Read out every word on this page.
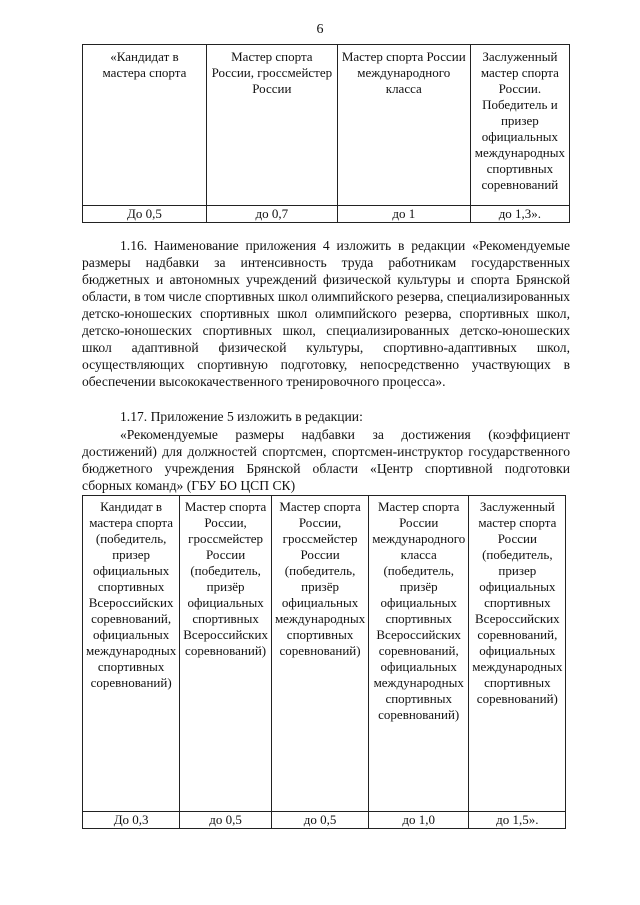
6
«Кандидат в мастера спорта	Мастер спорта России, гроссмейстер России	Мастер спорта России международного класса	Заслуженный мастер спорта России. Победитель и призер официальных международных спортивных соревнований
До 0,5	до 0,7	до 1	до 1,3».
1.16. Наименование приложения 4 изложить в редакции «Рекомендуемые размеры надбавки за интенсивность труда работникам государственных бюджетных и автономных учреждений физической культуры и спорта Брянской области, в том числе спортивных школ олимпийского резерва, специализированных детско-юношеских спортивных школ олимпийского резерва, спортивных школ, детско-юношеских спортивных школ, специализированных детско-юношеских школ адаптивной физической культуры, спортивно-адаптивных школ, осуществляющих спортивную подготовку, непосредственно участвующих в обеспечении высококачественного тренировочного процесса».
1.17. Приложение 5 изложить в редакции:
«Рекомендуемые размеры надбавки за достижения (коэффициент достижений) для должностей спортсмен, спортсмен-инструктор государственного бюджетного учреждения Брянской области «Центр спортивной подготовки сборных команд» (ГБУ БО ЦСП СК)
Кандидат в мастера спорта (победитель, призер официальных спортивных Всероссийских соревнований, официальных международных спортивных соревнований)	Мастер спорта России, гроссмейстер России (победитель, призёр официальных спортивных Всероссийских соревнований)	Мастер спорта России, гроссмейстер России (победитель, призёр официальных международных спортивных соревнований)	Мастер спорта России международного класса (победитель, призёр официальных спортивных Всероссийских соревнований, официальных международных спортивных соревнований)	Заслуженный мастер спорта России (победитель, призер официальных спортивных Всероссийских соревнований, официальных международных спортивных соревнований)
До 0,3	до 0,5	до 0,5	до 1,0	до 1,5».
